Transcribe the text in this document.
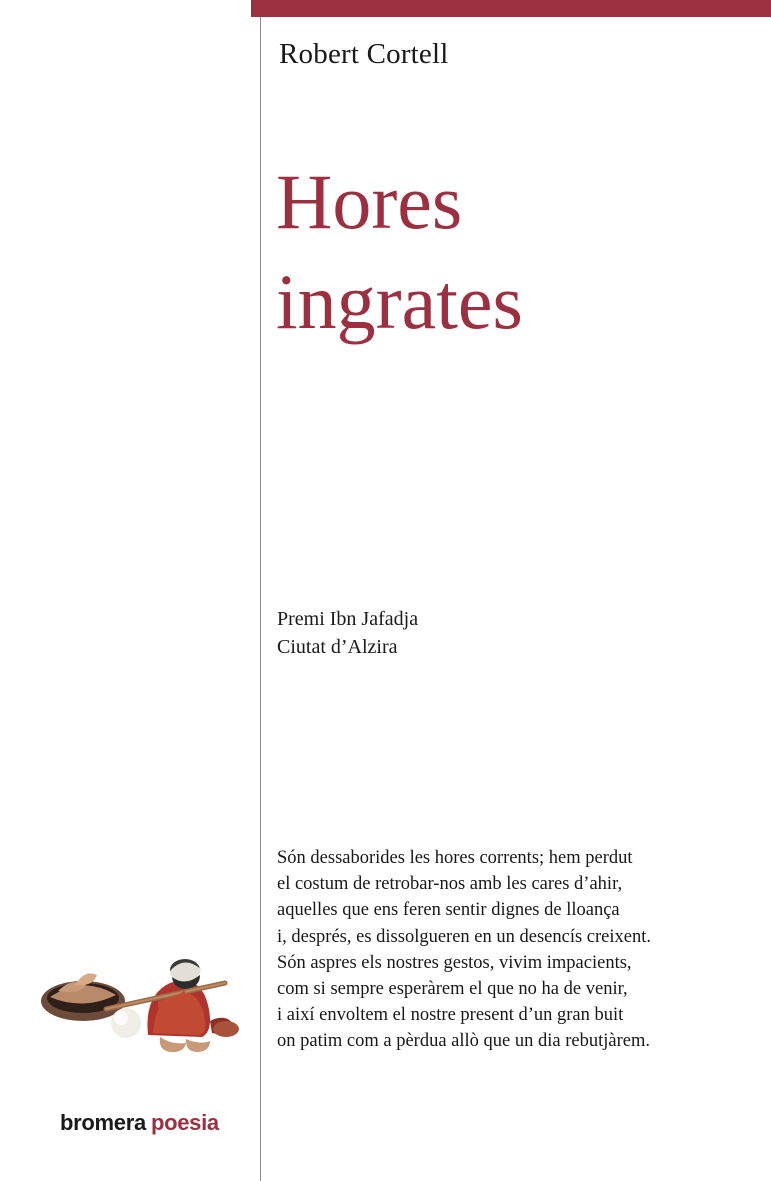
Robert Cortell
Hores
ingrates
Premi Ibn Jafadja
Ciutat d’Alzira
Són dessaborides les hores corrents; hem perdut
el costum de retrobar-nos amb les cares d’ahir,
aquelles que ens feren sentir dignes de lloança
i, després, es dissolgueren en un desencís creixent.
Són aspres els nostres gestos, vivim impacients,
com si sempre esperàrem el que no ha de venir,
i així envoltem el nostre present d’un gran buit
on patim com a pèrdua allò que un dia rebutjàrem.
bromera poesia
